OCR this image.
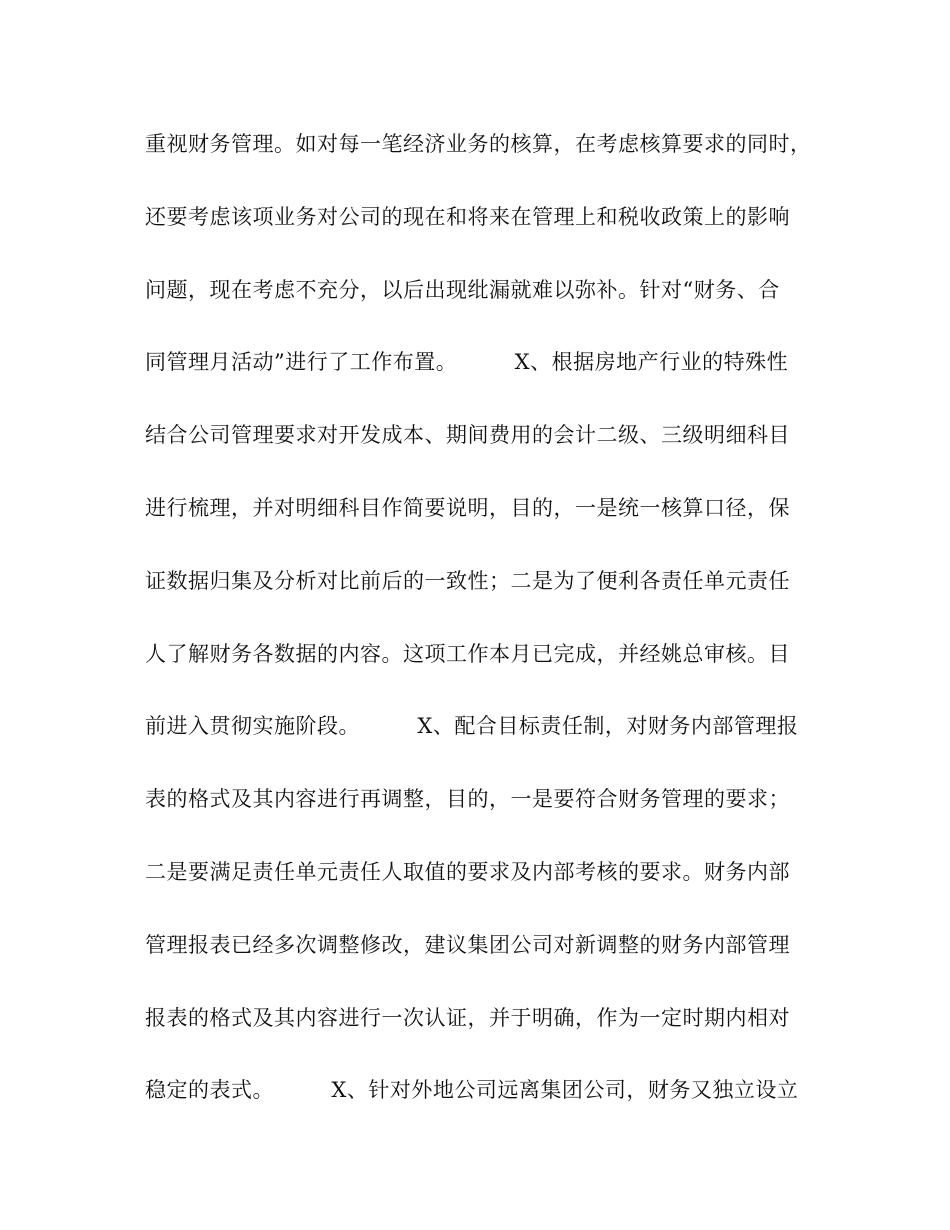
重视财务管理。如对每一笔经济业务的核算，在考虑核算要求的同时，
还要考虑该项业务对公司的现在和将来在管理上和税收政策上的影响
问题，现在考虑不充分，以后出现纰漏就难以弥补。针对“财务、合
同管理月活动”进行了工作布置。        X、根据房地产行业的特殊性
结合公司管理要求对开发成本、期间费用的会计二级、三级明细科目
进行梳理，并对明细科目作简要说明，目的，一是统一核算口径，保
证数据归集及分析对比前后的一致性；二是为了便利各责任单元责任
人了解财务各数据的内容。这项工作本月已完成，并经姚总审核。目
前进入贯彻实施阶段。        X、配合目标责任制，对财务内部管理报
表的格式及其内容进行再调整，目的，一是要符合财务管理的要求；
二是要满足责任单元责任人取值的要求及内部考核的要求。财务内部
管理报表已经多次调整修改，建议集团公司对新调整的财务内部管理
报表的格式及其内容进行一次认证，并于明确，作为一定时期内相对
稳定的表式。        X、针对外地公司远离集团公司，财务又独立设立
